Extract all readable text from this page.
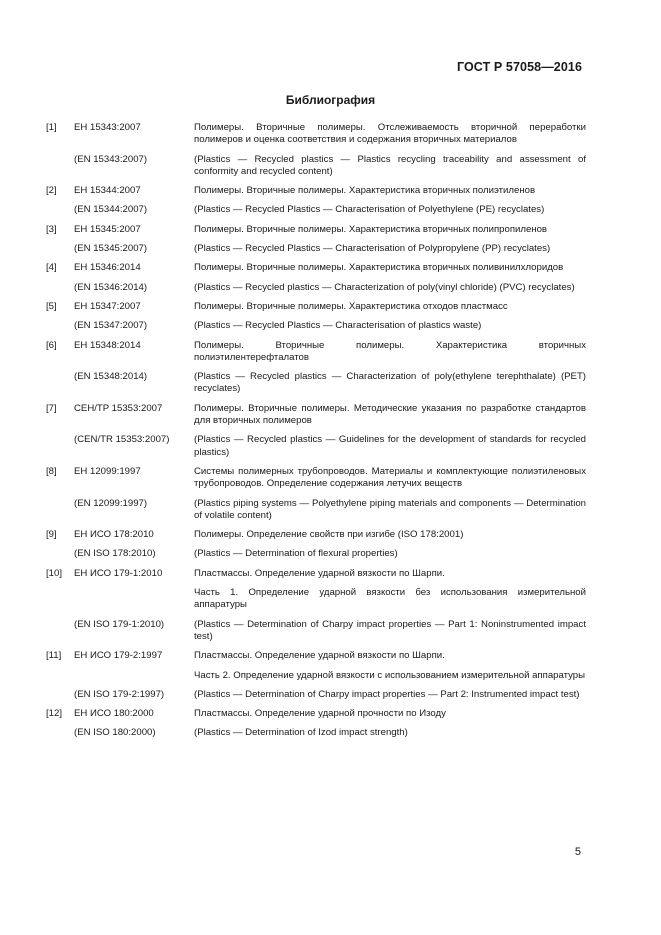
ГОСТ Р 57058—2016
Библиография
[1]	ЕН 15343:2007	Полимеры. Вторичные полимеры. Отслеживаемость вторичной переработки полимеров и оценка соответствия и содержания вторичных материалов
(EN 15343:2007)	(Plastics — Recycled plastics — Plastics recycling traceability and assessment of conformity and recycled content)
[2]	ЕН 15344:2007	Полимеры. Вторичные полимеры. Характеристика вторичных полиэтиленов
(EN 15344:2007)	(Plastics — Recycled Plastics — Characterisation of Polyethylene (PE) recyclates)
[3]	ЕН 15345:2007	Полимеры. Вторичные полимеры. Характеристика вторичных полипропиленов
(EN 15345:2007)	(Plastics — Recycled Plastics — Characterisation of Polypropylene (PP) recyclates)
[4]	ЕН 15346:2014	Полимеры. Вторичные полимеры. Характеристика вторичных поливинилхлоридов
(EN 15346:2014)	(Plastics — Recycled plastics — Characterization of poly(vinyl chloride) (PVC) recyclates)
[5]	ЕН 15347:2007	Полимеры. Вторичные полимеры. Характеристика отходов пластмасс
(EN 15347:2007)	(Plastics — Recycled Plastics — Characterisation of plastics waste)
[6]	ЕН 15348:2014	Полимеры. Вторичные полимеры. Характеристика вторичных полиэтилентерефталатов
(EN 15348:2014)	(Plastics — Recycled plastics — Characterization of poly(ethylene terephthalate) (PET) recyclates)
[7]	CEH/TP 15353:2007	Полимеры. Вторичные полимеры. Методические указания по разработке стандартов для вторичных полимеров
(CEN/TR 15353:2007)	(Plastics — Recycled plastics — Guidelines for the development of standards for recycled plastics)
[8]	ЕН 12099:1997	Системы полимерных трубопроводов. Материалы и комплектующие полиэтиленовых трубопроводов. Определение содержания летучих веществ
(EN 12099:1997)	(Plastics piping systems — Polyethylene piping materials and components — Determination of volatile content)
[9]	ЕН ИСО 178:2010	Полимеры. Определение свойств при изгибе (ISO 178:2001)
(EN ISO 178:2010)	(Plastics — Determination of flexural properties)
[10]	ЕН ИСО 179-1:2010	Пластмассы. Определение ударной вязкости по Шарпи.
Часть 1. Определение ударной вязкости без использования измерительной аппаратуры
(EN ISO 179-1:2010)	(Plastics — Determination of Charpy impact properties — Part 1: Noninstrumented impact test)
[11]	ЕН ИСО 179-2:1997	Пластмассы. Определение ударной вязкости по Шарпи.
Часть 2. Определение ударной вязкости с использованием измерительной аппаратуры
(EN ISO 179-2:1997)	(Plastics — Determination of Charpy impact properties — Part 2: Instrumented impact test)
[12]	ЕН ИСО 180:2000	Пластмассы. Определение ударной прочности по Изоду
(EN ISO 180:2000)	(Plastics — Determination of Izod impact strength)
5
